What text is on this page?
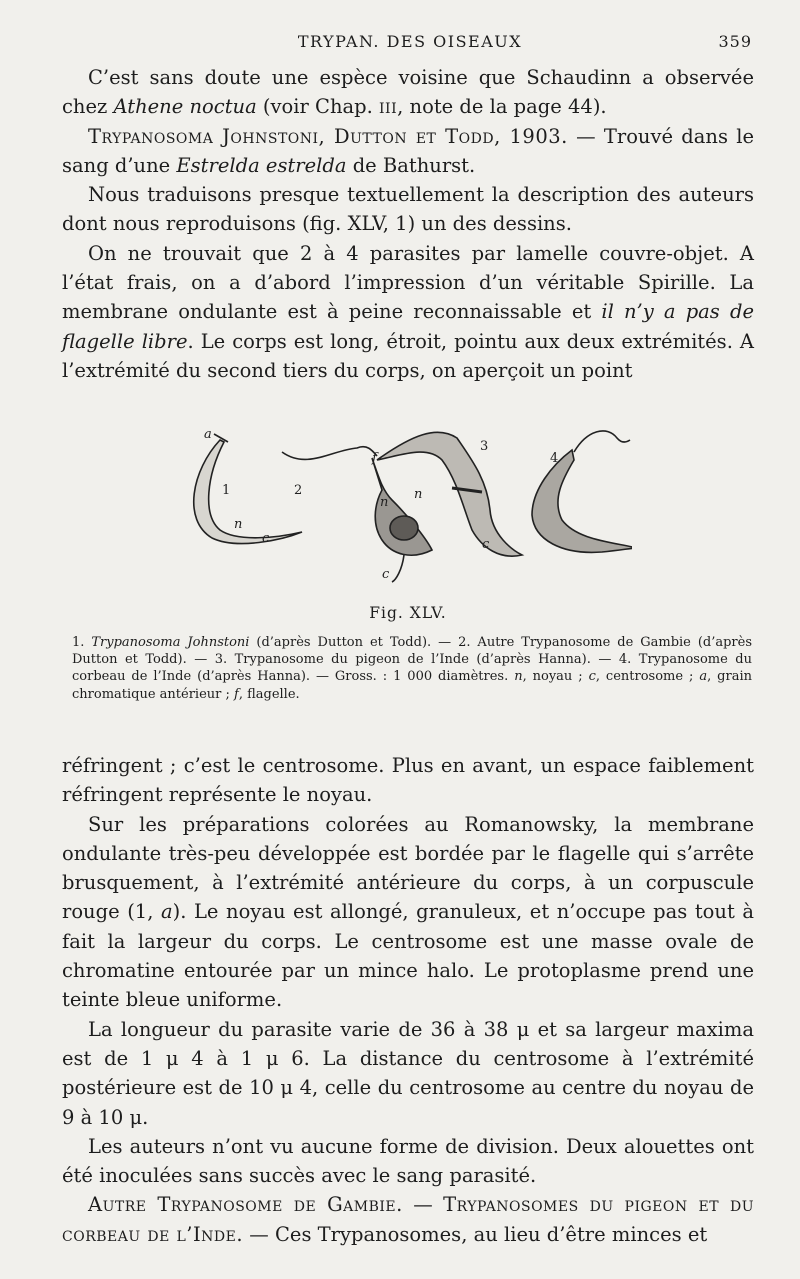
TRYPAN. DES OISEAUX	359

C’est sans doute une espèce voisine que Schaudinn a observée chez Athene noctua (voir Chap. iii, note de la page 44).

Trypanosoma Johnstoni, Dutton et Todd, 1903. — Trouvé dans le sang d’une Estrelda estrelda de Bathurst.

Nous traduisons presque textuellement la description des auteurs dont nous reproduisons (fig. XLV, 1) un des dessins.

On ne trouvait que 2 à 4 parasites par lamelle couvre-objet. A l’état frais, on a d’abord l’impression d’un véritable Spirille. La membrane ondulante est à peine reconnaissable et il n’y a pas de flagelle libre. Le corps est long, étroit, pointu aux deux extrémités. A l’extrémité du second tiers du corps, on aperçoit un point

a
1
n
c
2
n
f
c
n
3
c
4
Fig. XLV.

1. Trypanosoma Johnstoni (d’après Dutton et Todd). — 2. Autre Trypanosome de Gambie (d’après Dutton et Todd). — 3. Trypanosome du pigeon de l’Inde (d’après Hanna). — 4. Trypanosome du corbeau de l’Inde (d’après Hanna). — Gross. : 1 000 diamètres. n, noyau ; c, centrosome ; a, grain chromatique antérieur ; f, flagelle.

réfringent ; c’est le centrosome. Plus en avant, un espace faiblement réfringent représente le noyau.

Sur les préparations colorées au Romanowsky, la membrane ondulante très-peu développée est bordée par le flagelle qui s’arrête brusquement, à l’extrémité antérieure du corps, à un corpuscule rouge (1, a). Le noyau est allongé, granuleux, et n’occupe pas tout à fait la largeur du corps. Le centrosome est une masse ovale de chromatine entourée par un mince halo. Le protoplasme prend une teinte bleue uniforme.

La longueur du parasite varie de 36 à 38 μ et sa largeur maxima est de 1 μ 4 à 1 μ 6. La distance du centrosome à l’extrémité postérieure est de 10 μ 4, celle du centrosome au centre du noyau de 9 à 10 μ.

Les auteurs n’ont vu aucune forme de division. Deux alouettes ont été inoculées sans succès avec le sang parasité.

Autre Trypanosome de Gambie. — Trypanosomes du pigeon et du corbeau de l’Inde. — Ces Trypanosomes, au lieu d’être minces et
